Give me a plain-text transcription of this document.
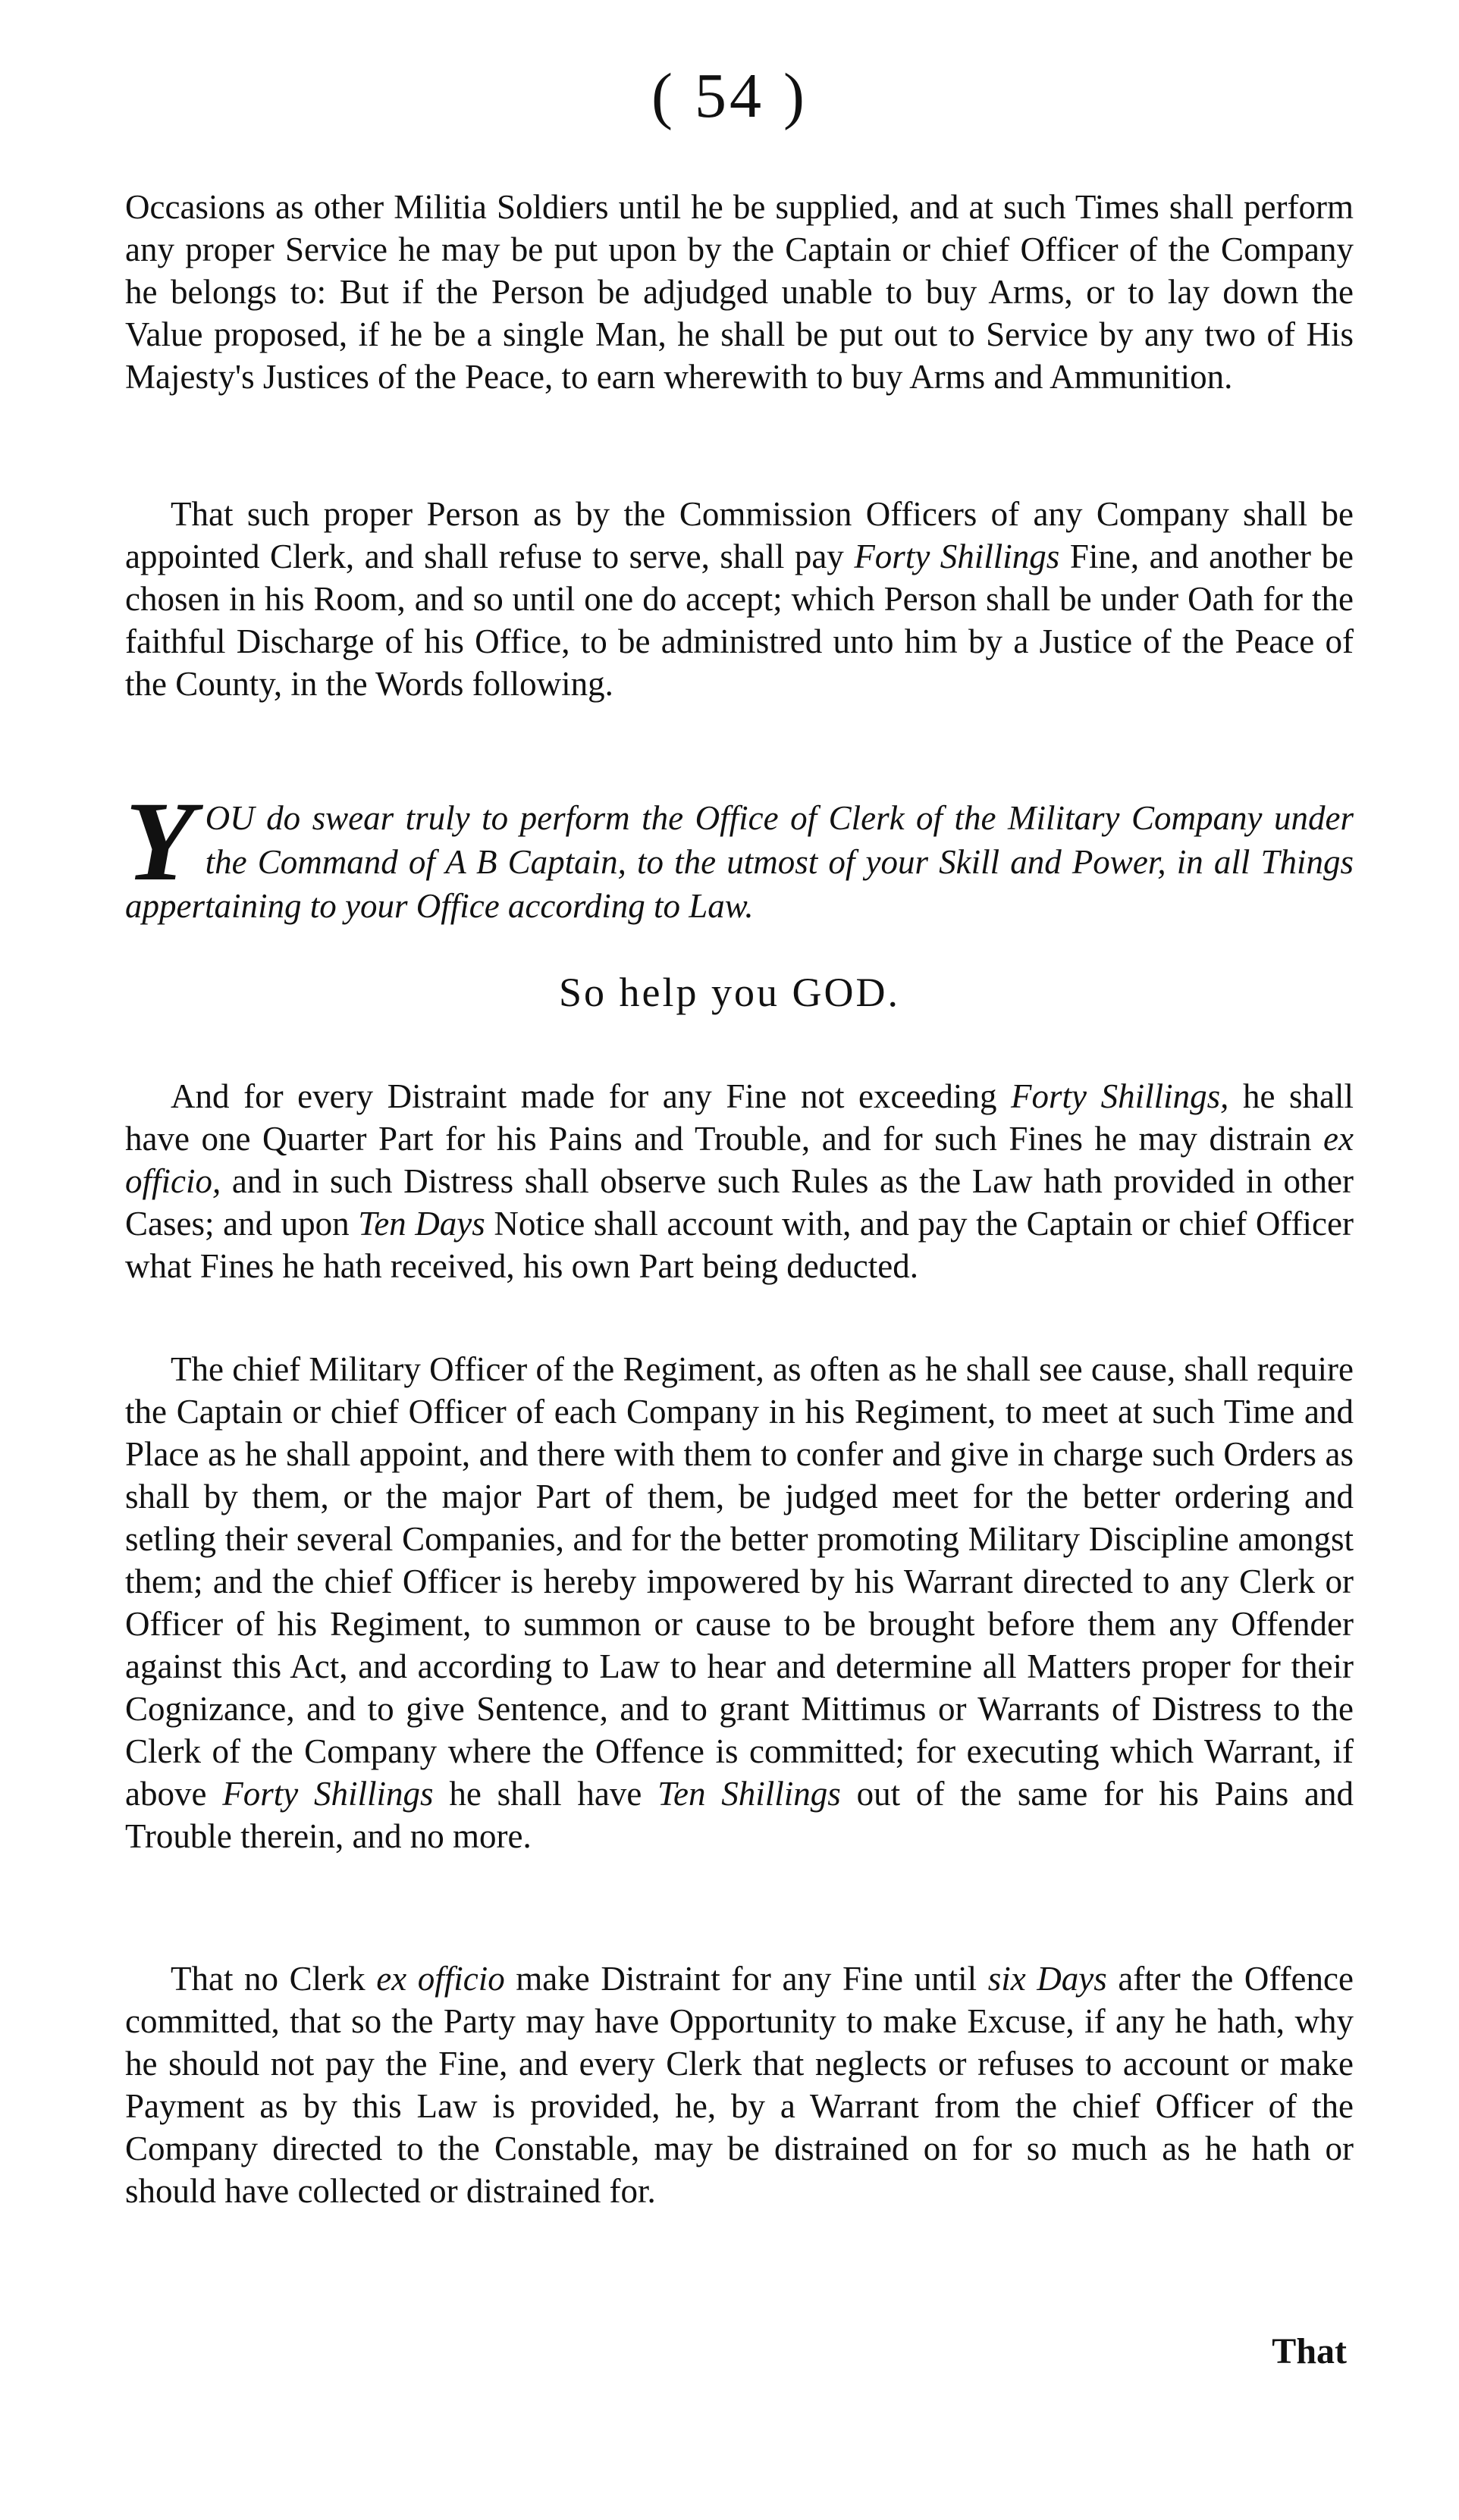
( 54 )

Occasions as other Militia Soldiers until he be supplied, and at such Times shall perform any proper Service he may be put upon by the Captain or chief Officer of the Company he belongs to: But if the Person be adjudged unable to buy Arms, or to lay down the Value proposed, if he be a single Man, he shall be put out to Service by any two of His Majesty's Justices of the Peace, to earn wherewith to buy Arms and Ammunition.

That such proper Person as by the Commission Officers of any Company shall be appointed Clerk, and shall refuse to serve, shall pay Forty Shillings Fine, and another be chosen in his Room, and so until one do accept; which Person shall be under Oath for the faithful Discharge of his Office, to be administred unto him by a Justice of the Peace of the County, in the Words following.

YOU do swear truly to perform the Office of Clerk of the Military Company under the Command of A B Captain, to the utmost of your Skill and Power, in all Things appertaining to your Office according to Law.

So help you GOD.

And for every Distraint made for any Fine not exceeding Forty Shillings, he shall have one Quarter Part for his Pains and Trouble, and for such Fines he may distrain ex officio, and in such Distress shall observe such Rules as the Law hath provided in other Cases; and upon Ten Days Notice shall account with, and pay the Captain or chief Officer what Fines he hath received, his own Part being deducted.

The chief Military Officer of the Regiment, as often as he shall see cause, shall require the Captain or chief Officer of each Company in his Regiment, to meet at such Time and Place as he shall appoint, and there with them to confer and give in charge such Orders as shall by them, or the major Part of them, be judged meet for the better ordering and setling their several Companies, and for the better promoting Military Discipline amongst them; and the chief Officer is hereby impowered by his Warrant directed to any Clerk or Officer of his Regiment, to summon or cause to be brought before them any Offender against this Act, and according to Law to hear and determine all Matters proper for their Cognizance, and to give Sentence, and to grant Mittimus or Warrants of Distress to the Clerk of the Company where the Offence is committed; for executing which Warrant, if above Forty Shillings he shall have Ten Shillings out of the same for his Pains and Trouble therein, and no more.

That no Clerk ex officio make Distraint for any Fine until six Days after the Offence committed, that so the Party may have Opportunity to make Excuse, if any he hath, why he should not pay the Fine, and every Clerk that neglects or refuses to account or make Payment as by this Law is provided, he, by a Warrant from the chief Officer of the Company directed to the Constable, may be distrained on for so much as he hath or should have collected or distrained for.

That
